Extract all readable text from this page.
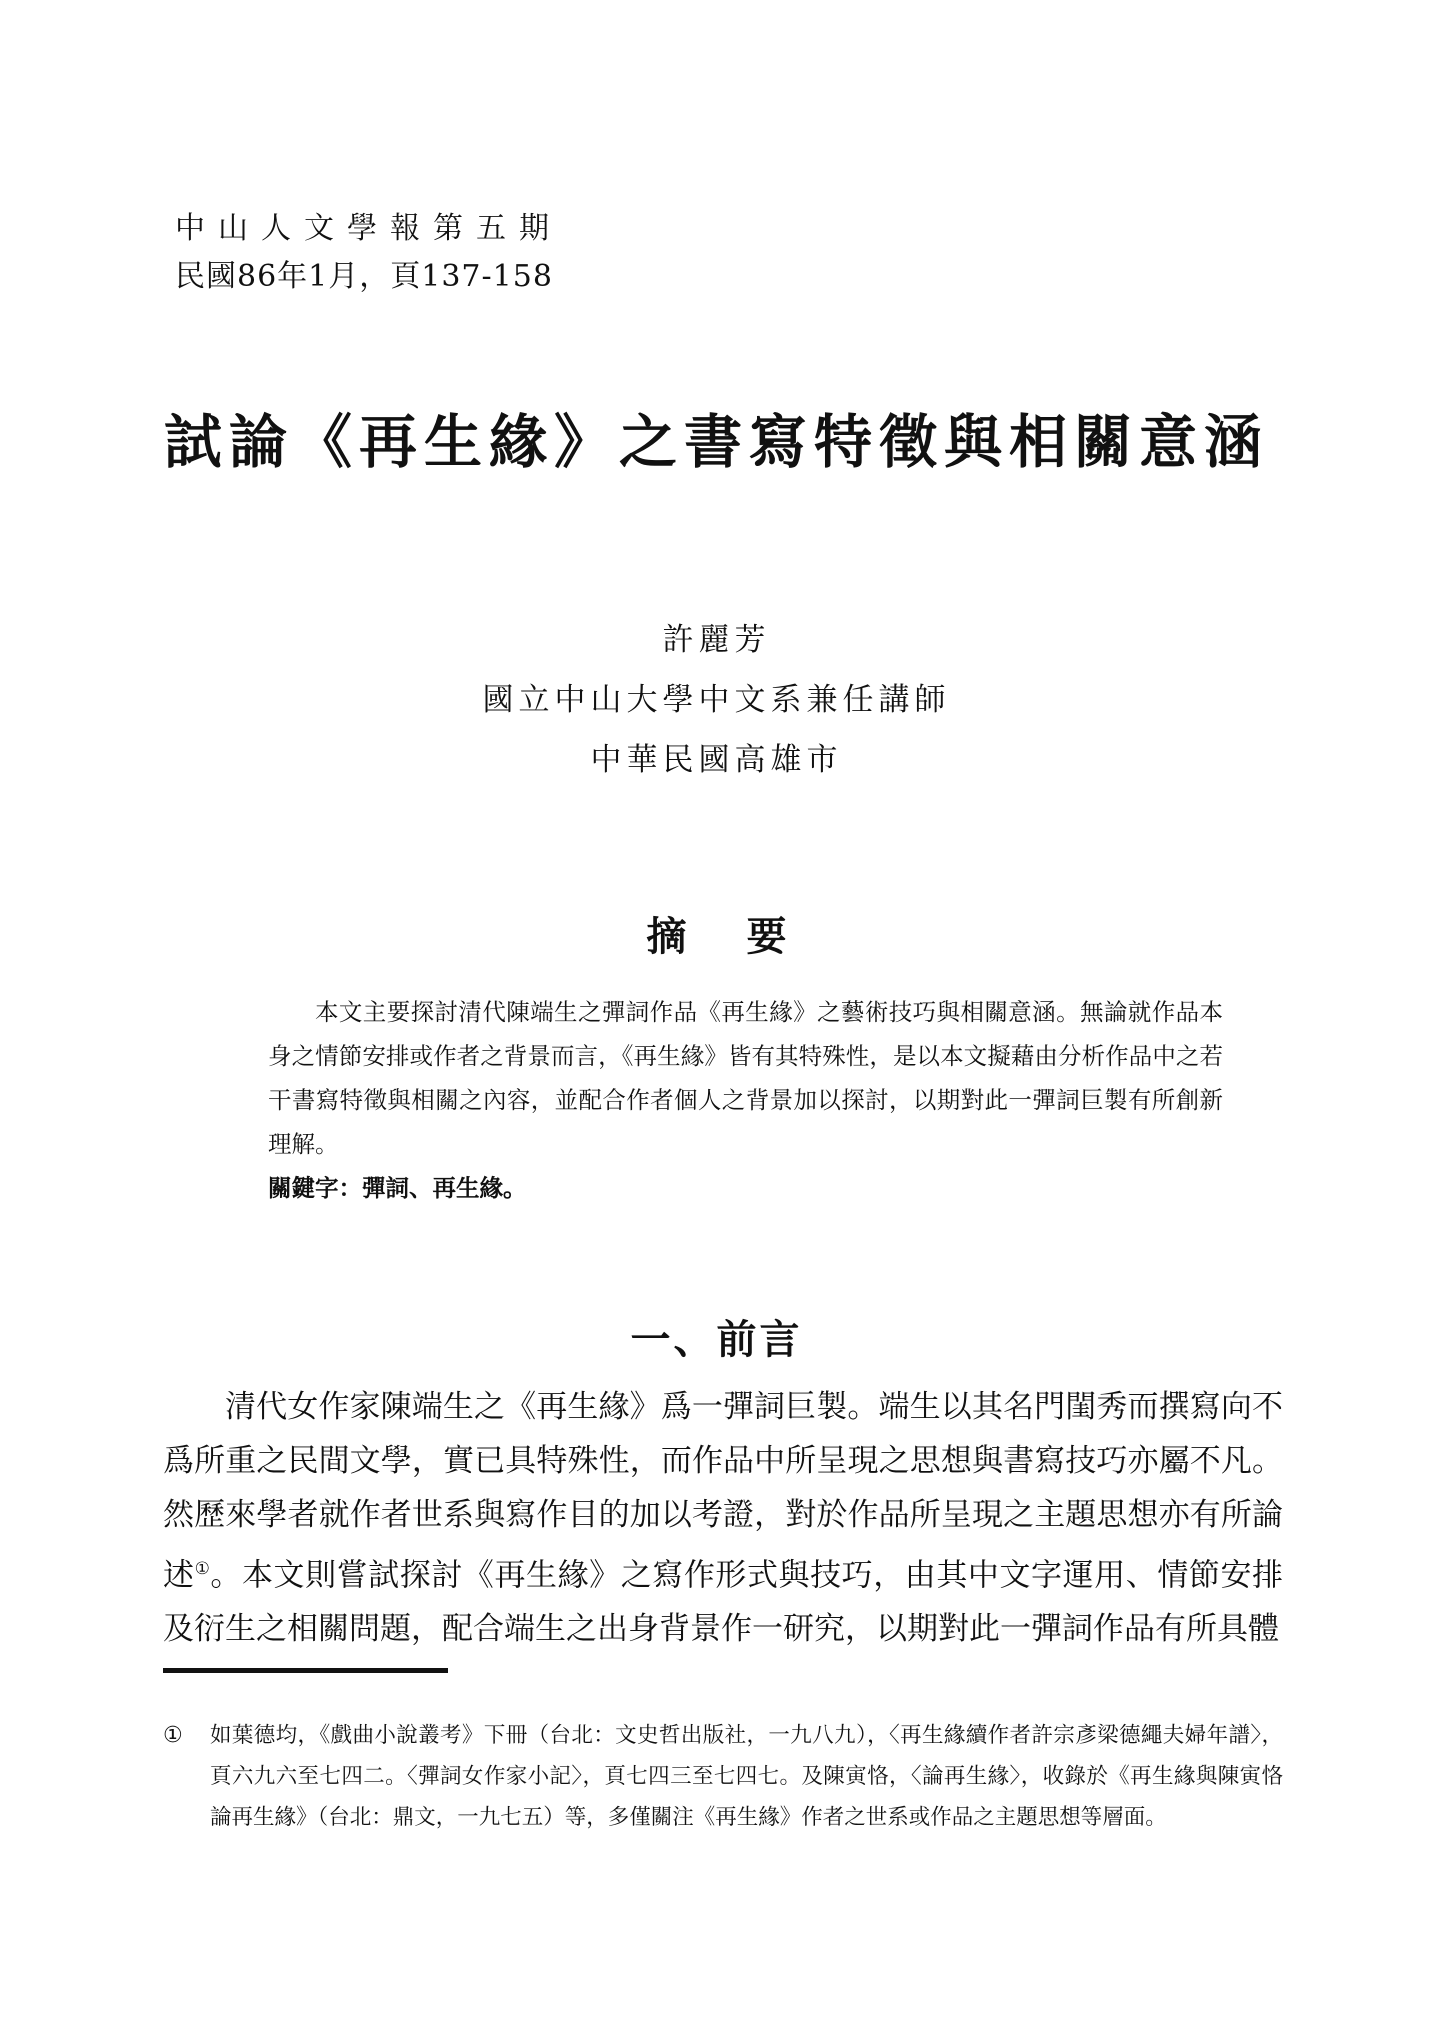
中山人文學報第五期
民國86年1月，頁137-158
試論《再生緣》之書寫特徵與相關意涵
許麗芳
國立中山大學中文系兼任講師
中華民國高雄市
摘要

本文主要探討清代陳端生之彈詞作品《再生緣》之藝術技巧與相關意涵。無論就作品本身之情節安排或作者之背景而言，《再生緣》皆有其特殊性，是以本文擬藉由分析作品中之若干書寫特徵與相關之內容，並配合作者個人之背景加以探討，以期對此一彈詞巨製有所創新理解。

關鍵字：彈詞、再生緣。

一、前言

清代女作家陳端生之《再生緣》爲一彈詞巨製。端生以其名門閨秀而撰寫向不爲所重之民間文學，實已具特殊性，而作品中所呈現之思想與書寫技巧亦屬不凡。然歷來學者就作者世系與寫作目的加以考證，對於作品所呈現之主題思想亦有所論述①。本文則嘗試探討《再生緣》之寫作形式與技巧，由其中文字運用、情節安排及衍生之相關問題，配合端生之出身背景作一研究，以期對此一彈詞作品有所具體

① 如葉德均，《戲曲小說叢考》下冊（台北：文史哲出版社，一九八九），〈再生緣續作者許宗彥梁德繩夫婦年譜〉，頁六九六至七四二。〈彈詞女作家小記〉，頁七四三至七四七。及陳寅恪，〈論再生緣〉，收錄於《再生緣與陳寅恪論再生緣》（台北：鼎文，一九七五）等，多僅關注《再生緣》作者之世系或作品之主題思想等層面。
